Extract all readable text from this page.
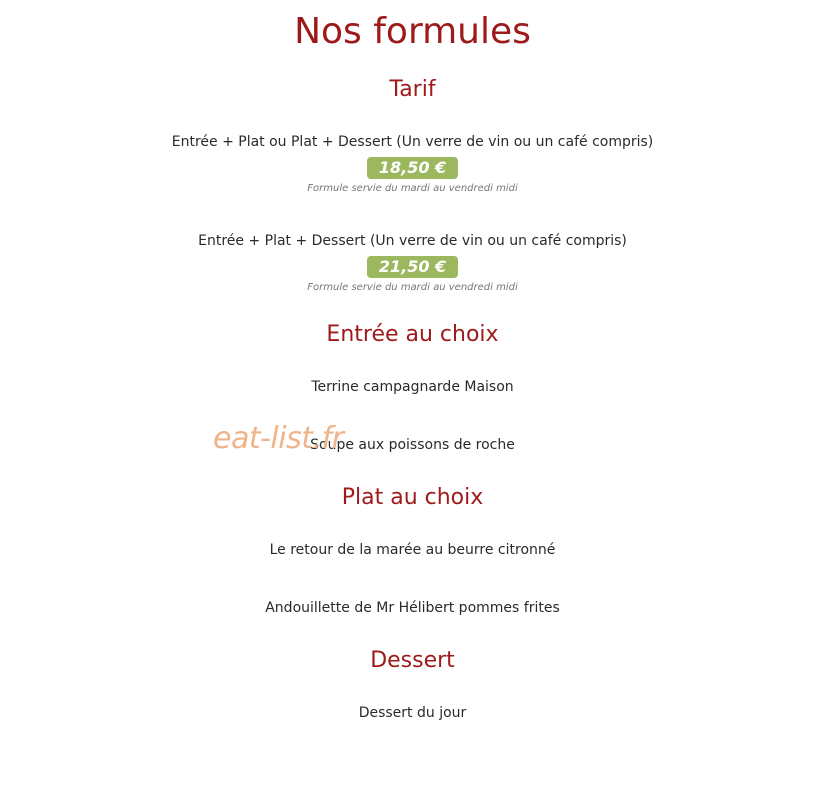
Nos formules
Tarif
Entrée + Plat ou Plat + Dessert (Un verre de vin ou un café compris)
18,50 €
Formule servie du mardi au vendredi midi
Entrée + Plat + Dessert (Un verre de vin ou un café compris)
21,50 €
Formule servie du mardi au vendredi midi
Entrée au choix
Terrine campagnarde Maison
Soupe aux poissons de roche
Plat au choix
Le retour de la marée au beurre citronné
Andouillette de Mr Hélibert pommes frites
Dessert
Dessert du jour
eat-list.fr
